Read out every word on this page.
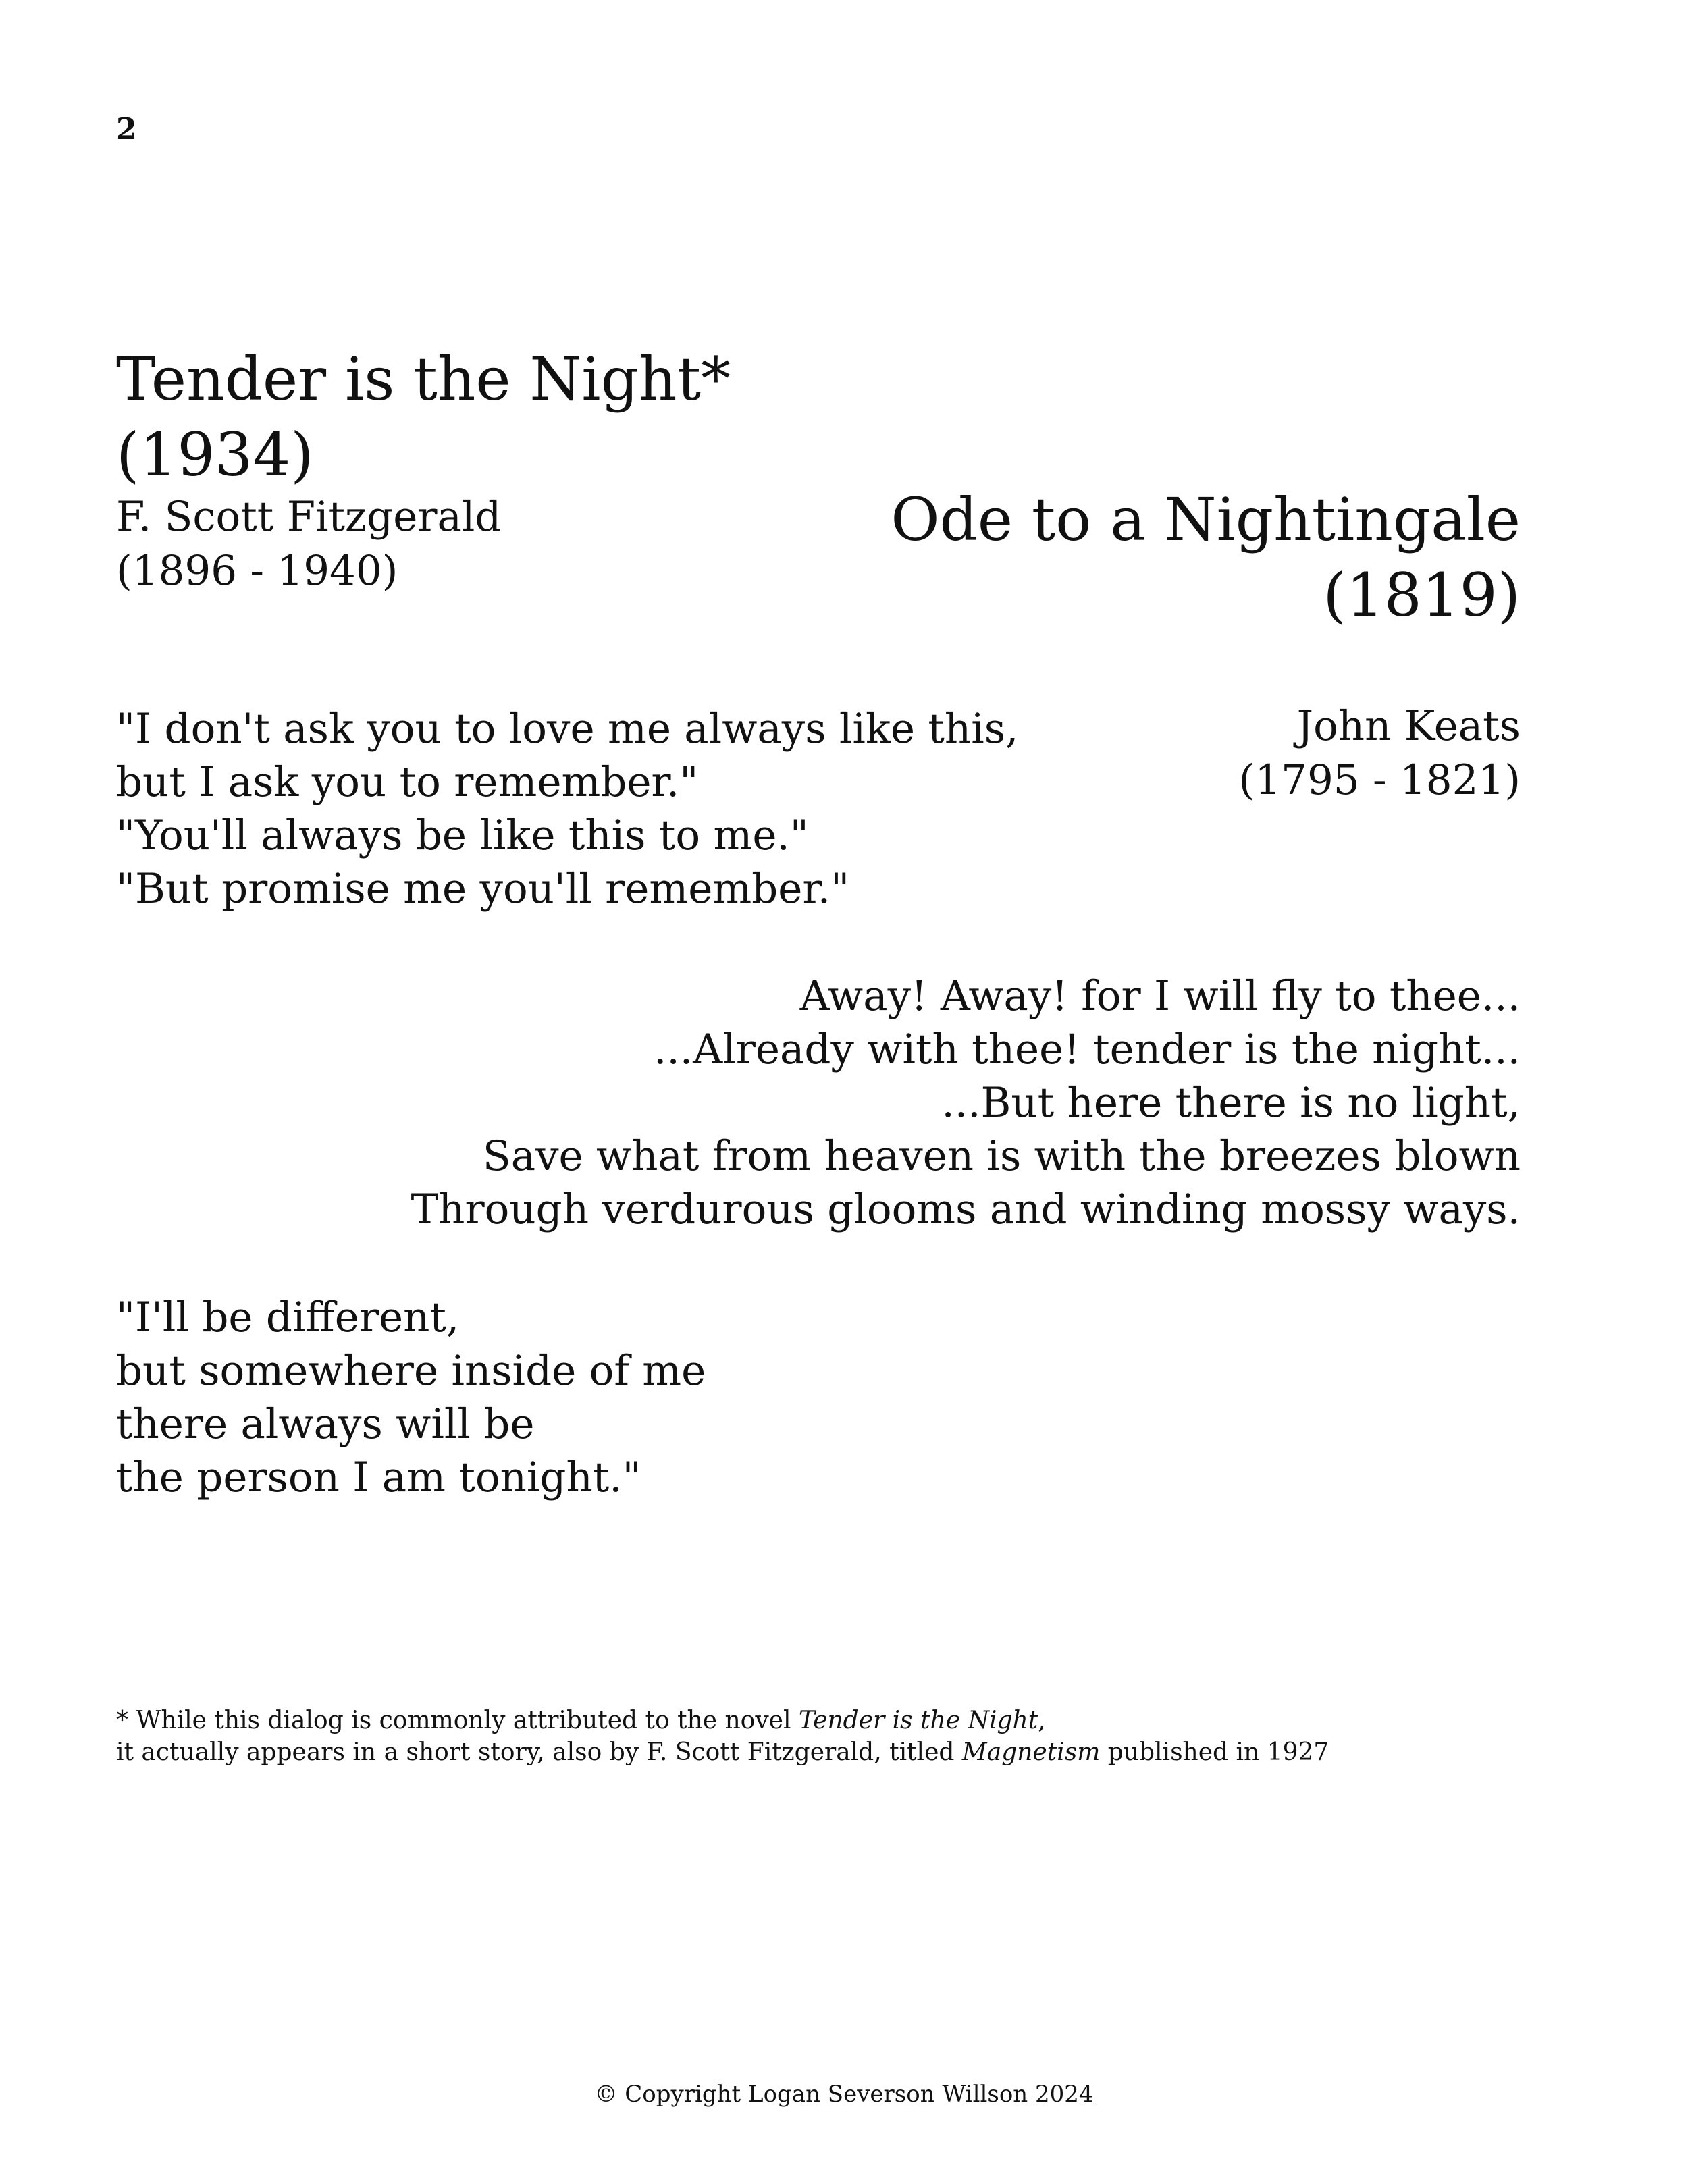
2
Tender is the Night*
(1934)
F. Scott Fitzgerald
(1896 - 1940)
Ode to a Nightingale
(1819)
John Keats
(1795 - 1821)
"I don't ask you to love me always like this,
but I ask you to remember."
"You'll always be like this to me."
"But promise me you'll remember."
Away! Away! for I will fly to thee...
...Already with thee! tender is the night...
...But here there is no light,
Save what from heaven is with the breezes blown
Through verdurous glooms and winding mossy ways.
"I'll be different,
but somewhere inside of me
there always will be
the person I am tonight."
* While this dialog is commonly attributed to the novel Tender is the Night,
it actually appears in a short story, also by F. Scott Fitzgerald, titled Magnetism published in 1927
© Copyright Logan Severson Willson 2024
